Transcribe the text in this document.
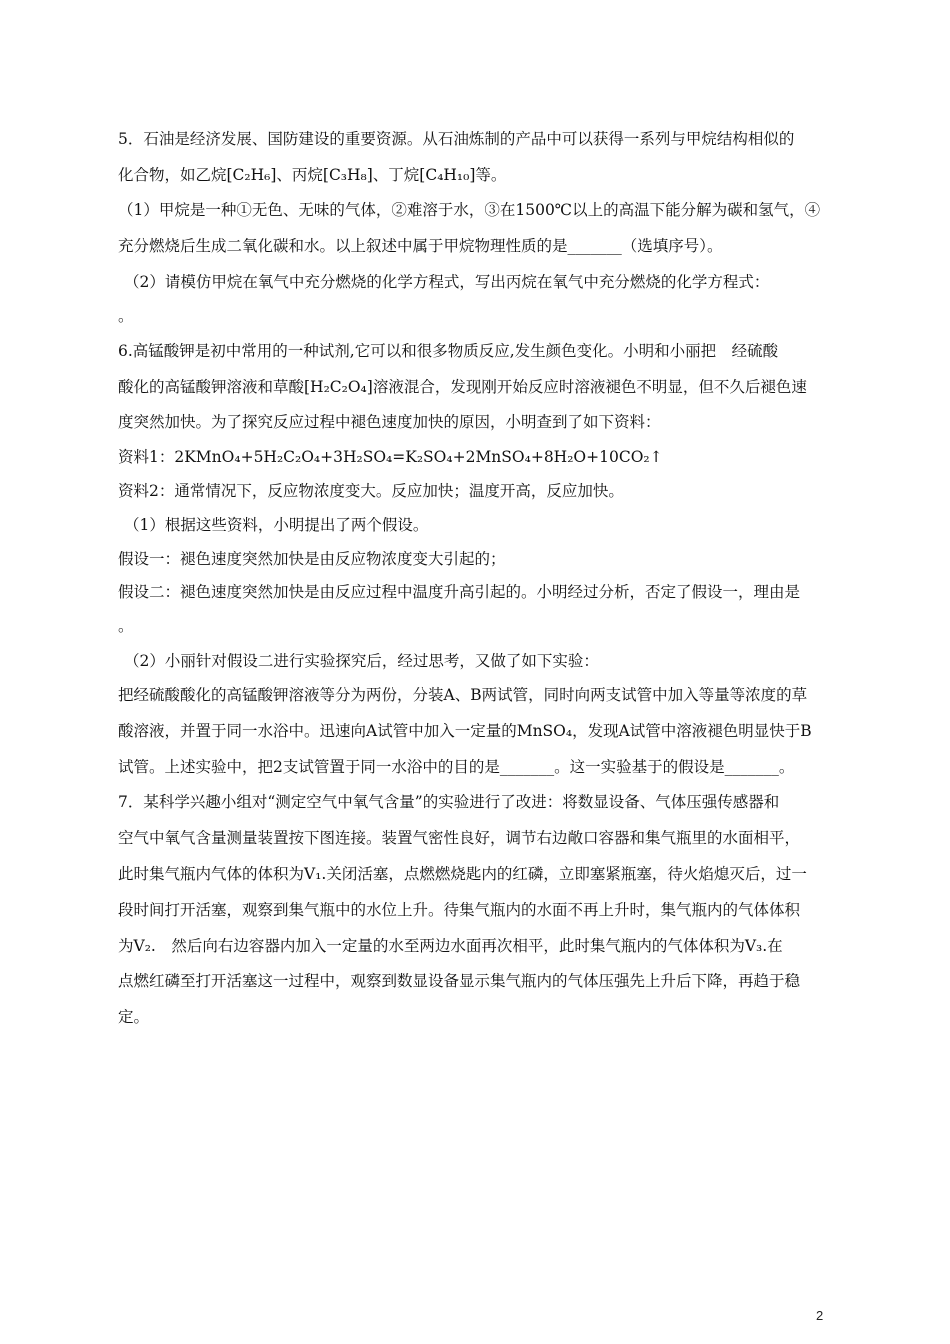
5．石油是经济发展、国防建设的重要资源。从石油炼制的产品中可以获得一系列与甲烷结构相似的
化合物，如乙烷[C₂H₆]、丙烷[C₃H₈]、丁烷[C₄H₁₀]等。
（1）甲烷是一种①无色、无味的气体，②难溶于水，③在1500℃以上的高温下能分解为碳和氢气，④
充分燃烧后生成二氧化碳和水。以上叙述中属于甲烷物理性质的是_______（选填序号）。
（2）请模仿甲烷在氧气中充分燃烧的化学方程式，写出丙烷在氧气中充分燃烧的化学方程式：
。
6.高锰酸钾是初中常用的一种试剂,它可以和很多物质反应,发生颜色变化。小明和小丽把　经硫酸
酸化的高锰酸钾溶液和草酸[H₂C₂O₄]溶液混合，发现刚开始反应时溶液褪色不明显，但不久后褪色速
度突然加快。为了探究反应过程中褪色速度加快的原因，小明查到了如下资料：
资料1：2KMnO₄+5H₂C₂O₄+3H₂SO₄=K₂SO₄+2MnSO₄+8H₂O+10CO₂↑
资料2：通常情况下，反应物浓度变大。反应加快；温度开高，反应加快。
（1）根据这些资料，小明提出了两个假设。
假设一：褪色速度突然加快是由反应物浓度变大引起的；
假设二：褪色速度突然加快是由反应过程中温度升高引起的。小明经过分析，否定了假设一，理由是
。
（2）小丽针对假设二进行实验探究后，经过思考，又做了如下实验：
把经硫酸酸化的高锰酸钾溶液等分为两份，分装A、B两试管，同时向两支试管中加入等量等浓度的草
酸溶液，并置于同一水浴中。迅速向A试管中加入一定量的MnSO₄，发现A试管中溶液褪色明显快于B
试管。上述实验中，把2支试管置于同一水浴中的目的是_______。这一实验基于的假设是_______。
7．某科学兴趣小组对“测定空气中氧气含量”的实验进行了改进：将数显设备、气体压强传感器和
空气中氧气含量测量装置按下图连接。装置气密性良好，调节右边敞口容器和集气瓶里的水面相平，
此时集气瓶内气体的体积为V₁.关闭活塞，点燃燃烧匙内的红磷，立即塞紧瓶塞，待火焰熄灭后，过一
段时间打开活塞，观察到集气瓶中的水位上升。待集气瓶内的水面不再上升时，集气瓶内的气体体积
为V₂.　然后向右边容器内加入一定量的水至两边水面再次相平，此时集气瓶内的气体体积为V₃.在
点燃红磷至打开活塞这一过程中，观察到数显设备显示集气瓶内的气体压强先上升后下降，再趋于稳
定。
2
